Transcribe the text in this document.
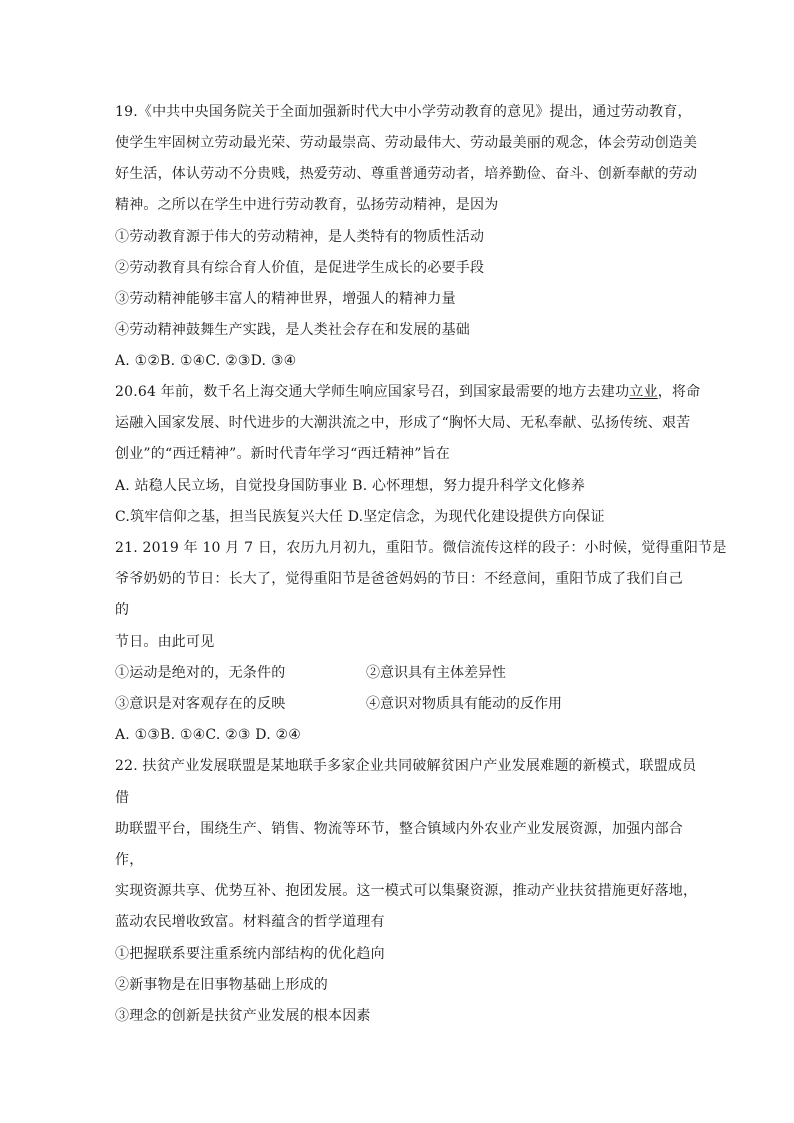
19.《中共中央国务院关于全面加强新时代大中小学劳动教育的意见》提出，通过劳动教育，
使学生牢固树立劳动最光荣、劳动最崇高、劳动最伟大、劳动最美丽的观念，体会劳动创造美
好生活，体认劳动不分贵贱，热爱劳动、尊重普通劳动者，培养勤俭、奋斗、创新奉献的劳动
精神。之所以在学生中进行劳动教育，弘扬劳动精神，是因为
①劳动教育源于伟大的劳动精神，是人类特有的物质性活动
②劳动教育具有综合育人价值，是促进学生成长的必要手段
③劳动精神能够丰富人的精神世界，增强人的精神力量
④劳动精神鼓舞生产实践，是人类社会存在和发展的基础
A. ①②B. ①④C. ②③D. ③④
20.64 年前，数千名上海交通大学师生响应国家号召，到国家最需要的地方去建功立业，将命
运融入国家发展、时代进步的大潮洪流之中，形成了“胸怀大局、无私奉献、弘扬传统、艰苦
创业”的“西迁精神”。新时代青年学习“西迁精神”旨在
A. 站稳人民立场，自觉投身国防事业 B. 心怀理想，努力提升科学文化修养
C.筑牢信仰之基，担当民族复兴大任 D.坚定信念，为现代化建设提供方向保证
21. 2019 年 10 月 7 日，农历九月初九，重阳节。微信流传这样的段子：小时候，觉得重阳节是
爷爷奶奶的节日：长大了，觉得重阳节是爸爸妈妈的节日：不经意间，重阳节成了我们自己
的
节日。由此可见
①运动是绝对的，无条件的	②意识具有主体差异性
③意识是对客观存在的反映	④意识对物质具有能动的反作用
A. ①③B. ①④C. ②③ D. ②④
22. 扶贫产业发展联盟是某地联手多家企业共同破解贫困户产业发展难题的新模式，联盟成员
借
助联盟平台，围绕生产、销售、物流等环节，整合镇域内外农业产业发展资源，加强内部合
作，
实现资源共享、优势互补、抱团发展。这一模式可以集聚资源，推动产业扶贫措施更好落地，
蓝动农民增收致富。材料蕴含的哲学道理有
①把握联系要注重系统内部结构的优化趋向
②新事物是在旧事物基础上形成的
③理念的创新是扶贫产业发展的根本因素
